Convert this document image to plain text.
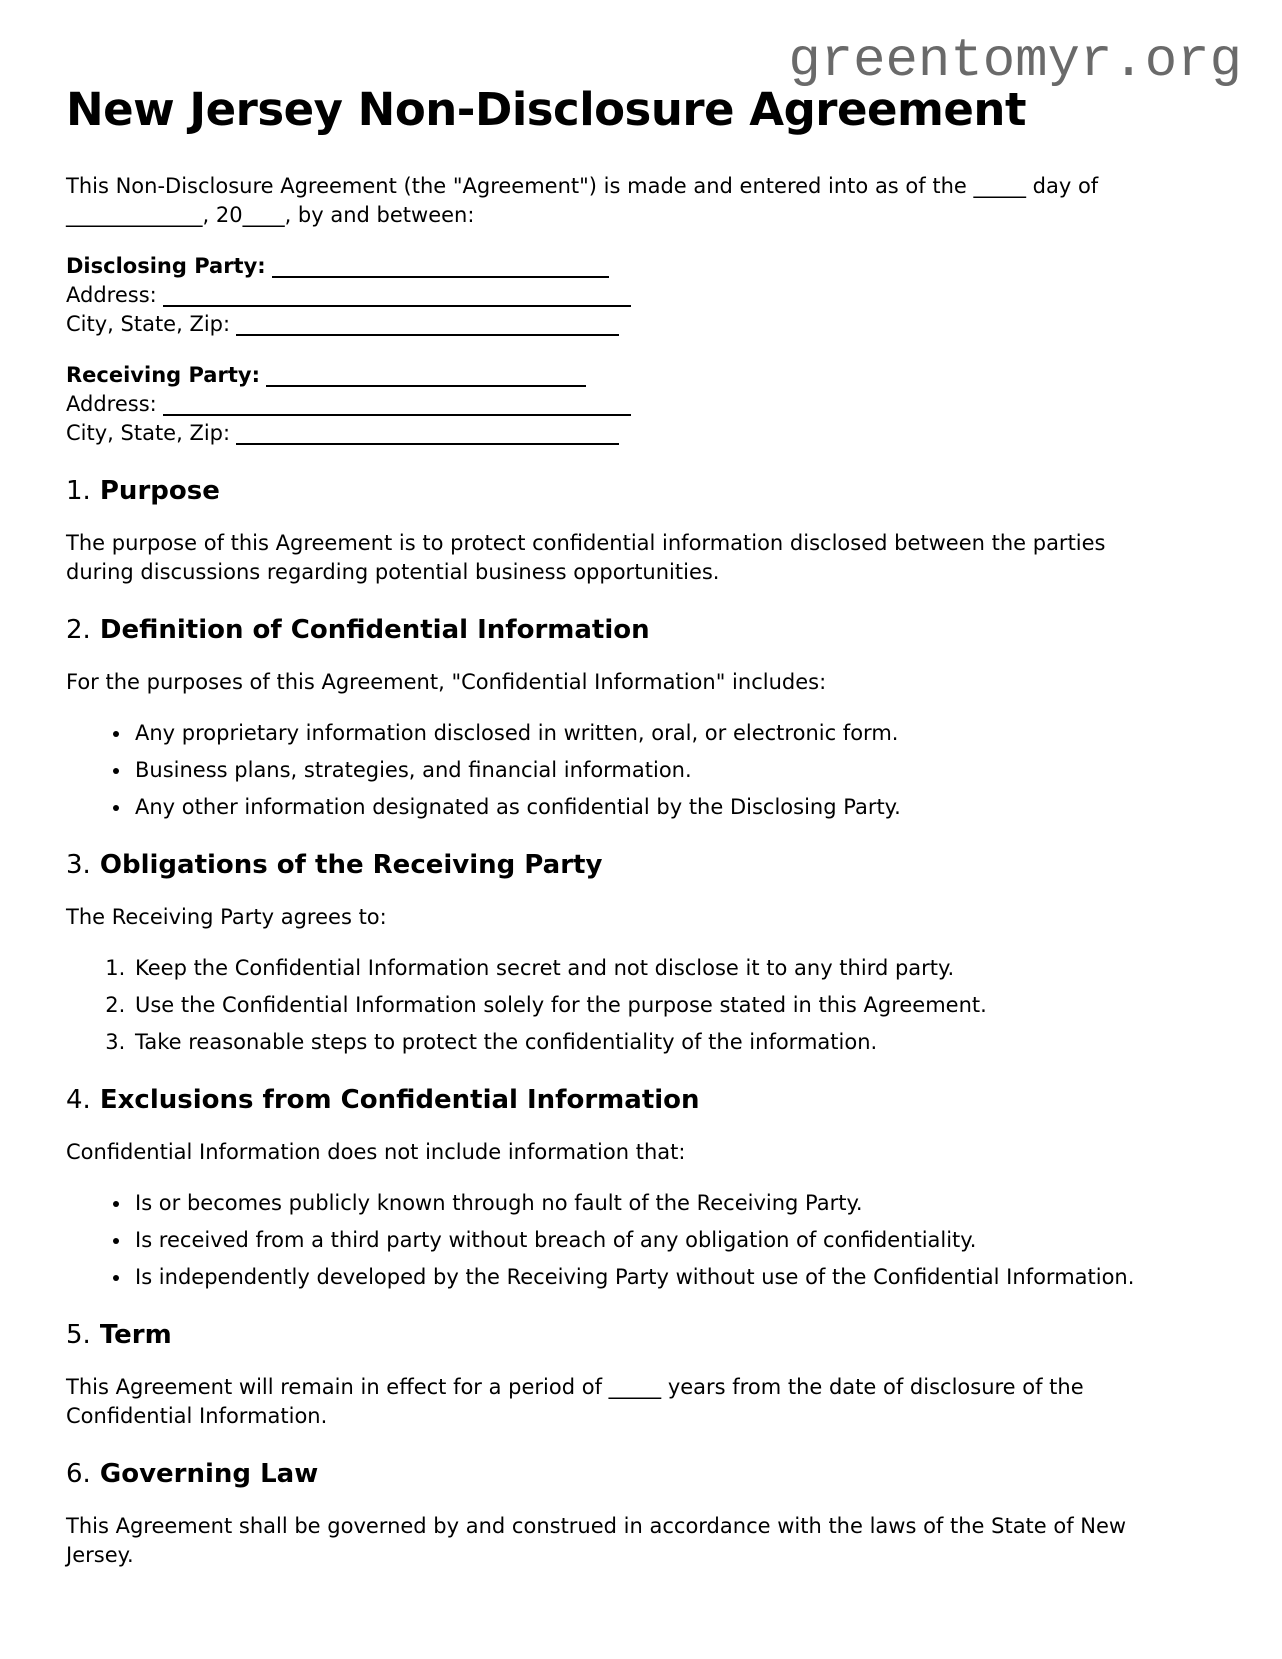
greentomyr.org
New Jersey Non-Disclosure Agreement

This Non-Disclosure Agreement (the "Agreement") is made and entered into as of the _____ day of _____________, 20____, by and between:

Disclosing Party:
Address:
City, State, Zip:
Receiving Party:
Address:
City, State, Zip:
1. Purpose

The purpose of this Agreement is to protect confidential information disclosed between the parties during discussions regarding potential business opportunities.

2. Definition of Confidential Information

For the purposes of this Agreement, "Confidential Information" includes:

• Any proprietary information disclosed in written, oral, or electronic form.
• Business plans, strategies, and financial information.
• Any other information designated as confidential by the Disclosing Party.
3. Obligations of the Receiving Party

The Receiving Party agrees to:

1. Keep the Confidential Information secret and not disclose it to any third party.
2. Use the Confidential Information solely for the purpose stated in this Agreement.
3. Take reasonable steps to protect the confidentiality of the information.
4. Exclusions from Confidential Information

Confidential Information does not include information that:

• Is or becomes publicly known through no fault of the Receiving Party.
• Is received from a third party without breach of any obligation of confidentiality.
• Is independently developed by the Receiving Party without use of the Confidential Information.
5. Term

This Agreement will remain in effect for a period of _____ years from the date of disclosure of the Confidential Information.

6. Governing Law

This Agreement shall be governed by and construed in accordance with the laws of the State of New Jersey.
